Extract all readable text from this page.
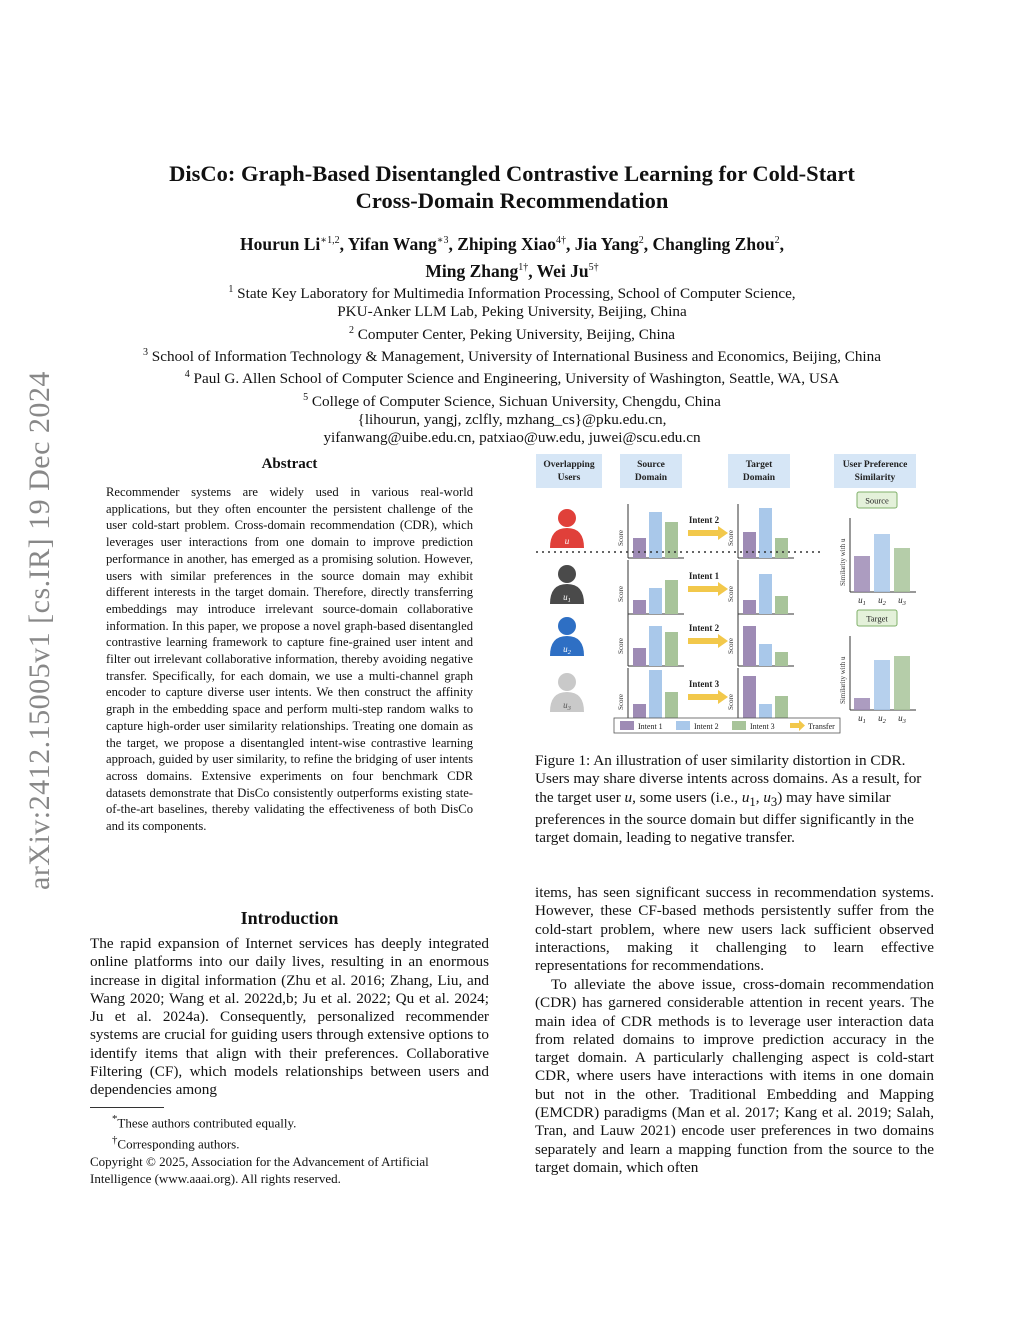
arXiv:2412.15005v1 [cs.IR] 19 Dec 2024
DisCo: Graph-Based Disentangled Contrastive Learning for Cold-Start
Cross-Domain Recommendation
Hourun $Li^{∗1,2}$, Yifan Wang$^{∗3}$, Zhiping Xiao$^{4\dagger}$, Jia Yang$^2$, Changling Zhou$^2$,
Ming Zhang$^{1\dagger}$, Wei $Ju^{5\dagger}$
$^1$ State Key Laboratory for Multimedia Information Processing, School of Computer Science,
PKU-Anker LLM Lab, Peking University, Beijing, China
$^2$ Computer Center, Peking University, Beijing, China
$^3$ School of Information Technology & Management, University of International Business and Economics, Beijing, China
$^4$ Paul G. Allen School of Computer Science and Engineering, University of Washington, Seattle, WA, USA
$^5$ College of Computer Science, Sichuan University, Chengdu, China
{lihourun, yangj, zclfly, mzhang_cs}@pku.edu.cn,
yifanwang@uibe.edu.cn, patxiao@uw.edu, juwei@scu.edu.cn
Abstract
Recommender systems are widely used in various real-world applications, but they often encounter the persistent challenge of the user cold-start problem. Cross-domain recommendation (CDR), which leverages user interactions from one domain to improve prediction performance in another, has emerged as a promising solution. However, users with similar preferences in the source domain may exhibit different interests in the target domain. Therefore, directly transferring embeddings may introduce irrelevant source-domain collaborative information. In this paper, we propose a novel graph-based disentangled contrastive learning framework to capture fine-grained user intent and filter out irrelevant collaborative information, thereby avoiding negative transfer. Specifically, for each domain, we use a multi-channel graph encoder to capture diverse user intents. We then construct the affinity graph in the embedding space and perform multi-step random walks to capture high-order user similarity relationships. Treating one domain as the target, we propose a disentangled intent-wise contrastive learning approach, guided by user similarity, to refine the bridging of user intents across domains. Extensive experiments on four benchmark CDR datasets demonstrate that DisCo consistently outperforms existing state-of-the-art baselines, thereby validating the effectiveness of both DisCo and its components.
Introduction
The rapid expansion of Internet services has deeply integrated online platforms into our daily lives, resulting in an enormous increase in digital information (Zhu et al. 2016; Zhang, Liu, and Wang 2020; Wang et al. 2022d,b; Ju et al. 2022; Qu et al. 2024; Ju et al. 2024a). Consequently, personalized recommender systems are crucial for guiding users through extensive options to identify items that align with their preferences. Collaborative Filtering (CF), which models relationships between users and dependencies among
*These authors contributed equally.
†Corresponding authors.
Copyright © 2025, Association for the Advancement of Artificial Intelligence (www.aaai.org). All rights reserved.
Overlapping
Users
Source
Domain
Target
Domain
User Preference
Similarity
u	Score
Intent 2
Score
$u_1$	Score
Intent 1
Score
$u_2$	Score
Intent 2
Score
$u_3$	Score
Intent 3
Score
Source
Similarity with u
$u_1$ $u_2$ $u_3$
Target
Similarity with u
$u_1$ $u_2$ $u_3$
Intent 1	Intent 2	Intent 3	Transfer
Figure 1: An illustration of user similarity distortion in CDR. Users may share diverse intents across domains. As a result, for the target user u, some users (i.e., $u_1$, $u_3$) may have similar preferences in the source domain but differ significantly in the target domain, leading to negative transfer.
items, has seen significant success in recommendation systems. However, these CF-based methods persistently suffer from the cold-start problem, where new users lack sufficient observed interactions, making it challenging to learn effective representations for recommendations.
To alleviate the above issue, cross-domain recommendation (CDR) has garnered considerable attention in recent years. The main idea of CDR methods is to leverage user interaction data from related domains to improve prediction accuracy in the target domain. A particularly challenging aspect is cold-start CDR, where users have interactions with items in one domain but not in the other. Traditional Embedding and Mapping (EMCDR) paradigms (Man et al. 2017; Kang et al. 2019; Salah, Tran, and Lauw 2021) encode user preferences in two domains separately and learn a mapping function from the source to the target domain, which often
